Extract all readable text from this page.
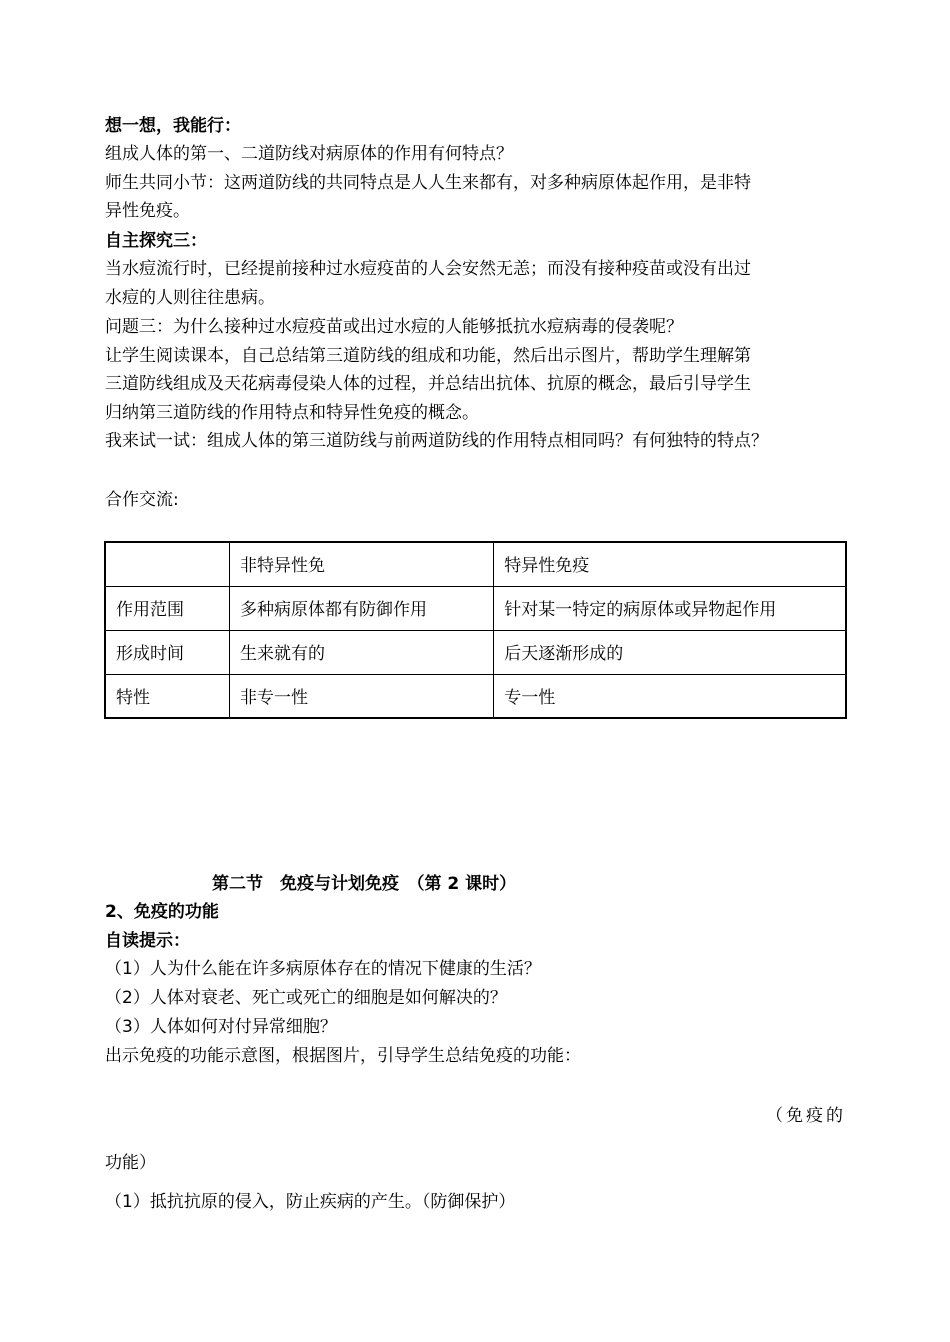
想一想，我能行：
组成人体的第一、二道防线对病原体的作用有何特点？
师生共同小节：这两道防线的共同特点是人人生来都有，对多种病原体起作用，是非特
异性免疫。
自主探究三：
当水痘流行时，已经提前接种过水痘疫苗的人会安然无恙；而没有接种疫苗或没有出过
水痘的人则往往患病。
问题三：为什么接种过水痘疫苗或出过水痘的人能够抵抗水痘病毒的侵袭呢？
让学生阅读课本，自己总结第三道防线的组成和功能，然后出示图片，帮助学生理解第
三道防线组成及天花病毒侵染人体的过程，并总结出抗体、抗原的概念，最后引导学生
归纳第三道防线的作用特点和特异性免疫的概念。
我来试一试：组成人体的第三道防线与前两道防线的作用特点相同吗？有何独特的特点？
合作交流:
	非特异性免	特异性免疫
作用范围	多种病原体都有防御作用	针对某一特定的病原体或异物起作用
形成时间	生来就有的	后天逐渐形成的
特性	非专一性	专一性
第二节　免疫与计划免疫　（第 2 课时）
2、免疫的功能
自读提示：
（1）人为什么能在许多病原体存在的情况下健康的生活？
（2）人体对衰老、死亡或死亡的细胞是如何解决的？
（3）人体如何对付异常细胞？
出示免疫的功能示意图，根据图片，引导学生总结免疫的功能：
（免疫的
功能）
（1）抵抗抗原的侵入，防止疾病的产生。（防御保护）
